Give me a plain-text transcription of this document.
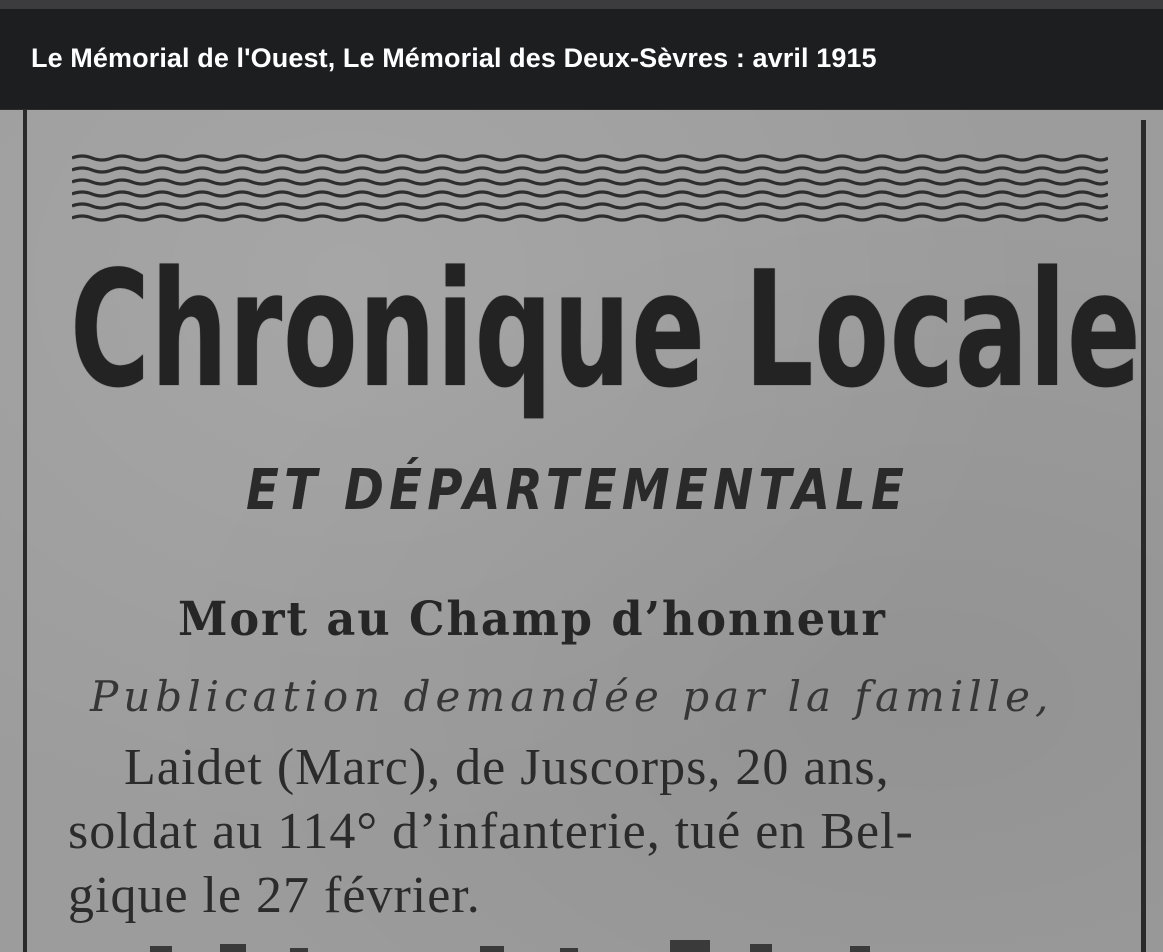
Le Mémorial de l'Ouest, Le Mémorial des Deux-Sèvres : avril 1915

Chronique Locale
ET DÉPARTEMENTALE
Mort au Champ d’honneur
Publication demandée par la famille,
Laidet (Marc), de Juscorps, 20 ans,
soldat au 114° d’infanterie, tué en Bel-
gique le 27 février.
